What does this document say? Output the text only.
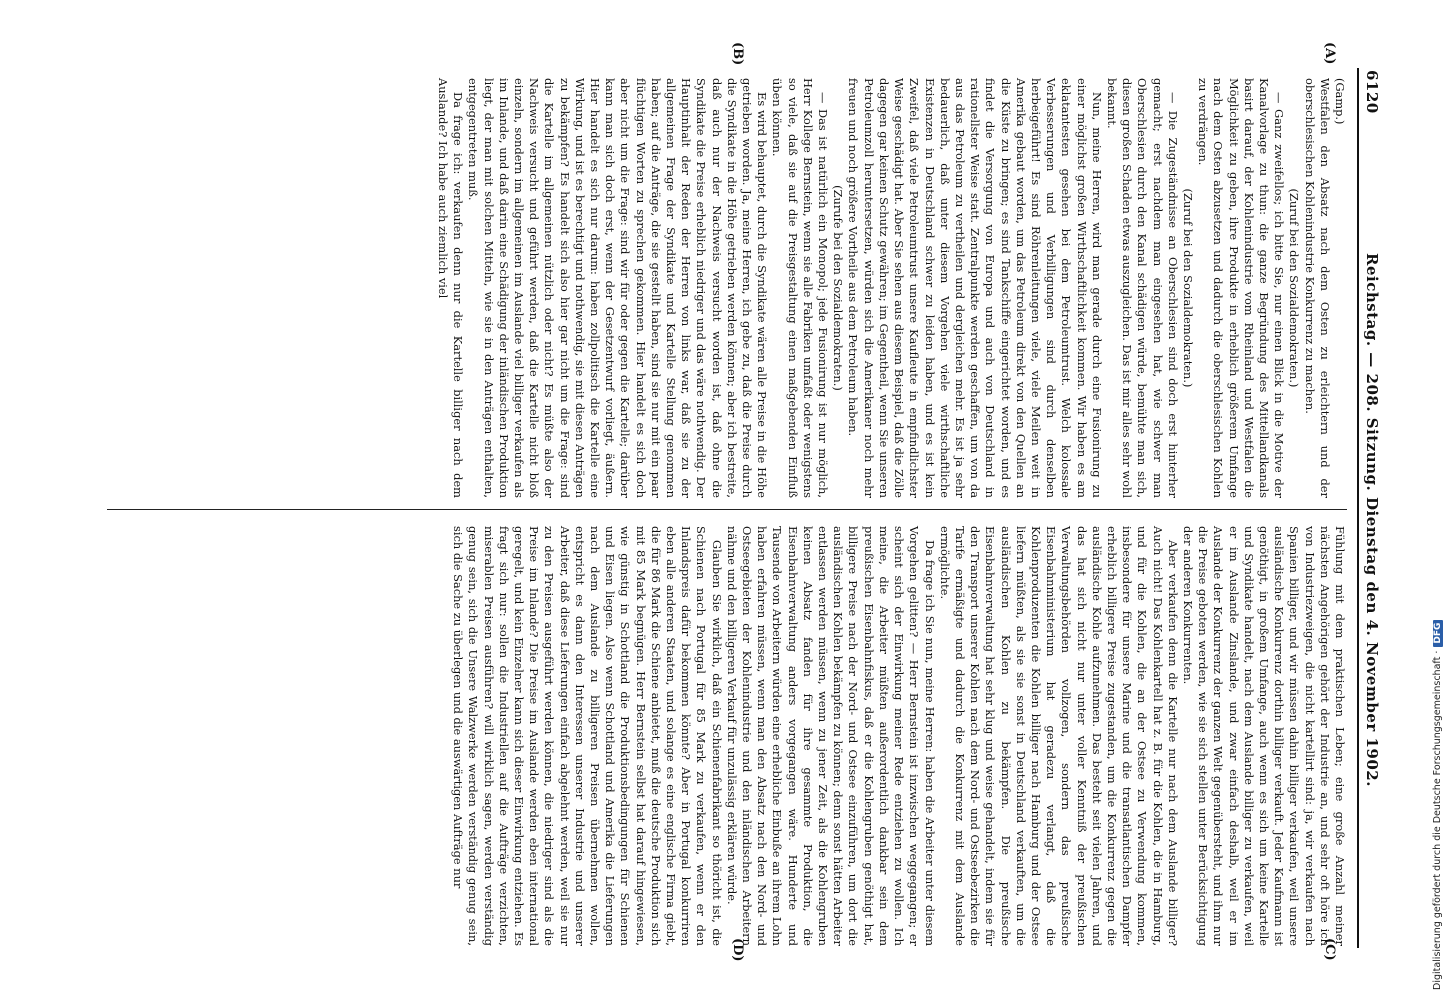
6120
Reichstag. — 208. Sitzung. Dienstag den 4. November 1902.
(A)
(B)
(C)
(D)

(Gamp.)

Westfalen den Absatz nach dem Osten zu erleichtern und der oberschlesischen Kohlenindustrie Konkurrenz zu machen.

(Zuruf bei den Sozialdemokraten.)

— Ganz zweifellos; ich bitte Sie, nur einen Blick in die Motive der Kanalvorlage zu thun: die ganze Begründung des Mittellandkanals basirt darauf, der Kohlenindustrie vom Rheinland und Westfalen die Möglichkeit zu geben, ihre Produkte in erheblich größerem Umfange nach dem Osten abzusetzen und dadurch die oberschlesischen Kohlen zu verdrängen.

(Zuruf bei den Sozialdemokraten.)

— Die Zugeständnisse an Oberschlesien sind doch erst hinterher gemacht; erst nachdem man eingesehen hat, wie schwer man Oberschlesien durch den Kanal schädigen würde, bemühte man sich, diesen großen Schaden etwas auszugleichen. Das ist mir alles sehr wohl bekannt.

Nun, meine Herren, wird man gerade durch eine Fusionirung zu einer möglichst großen Wirthschaftlichkeit kommen. Wir haben es am eklatantesten gesehen bei dem Petroleumtrust. Welch kolossale Verbesserungen und Verbilligungen sind durch denselben herbeigeführt! Es sind Röhrenleitungen viele, viele Meilen weit in Amerika gebaut worden, um das Petroleum direkt von den Quellen an die Küste zu bringen; es sind Tankschiffe eingerichtet worden, und es findet die Versorgung von Europa und auch von Deutschland in rationellster Weise statt. Zentralpunkte werden geschaffen, um von da aus das Petroleum zu vertheilen und dergleichen mehr. Es ist ja sehr bedauerlich, daß unter diesem Vorgehen viele wirthschaftliche Existenzen in Deutschland schwer zu leiden haben, und es ist kein Zweifel, daß viele Petroleumtrust unsere Kaufleute in empfindlichster Weise geschädigt hat. Aber Sie sehen aus diesem Beispiel, daß die Zölle dagegen gar keinen Schutz gewähren; im Gegentheil, wenn Sie unseren Petroleumzoll heruntersetzen, würden sich die Amerikaner noch mehr freuen und noch größere Vortheile aus dem Petroleum haben.

(Zurufe bei den Sozialdemokraten.)

— Das ist natürlich ein Monopol; jede Fusionirung ist nur möglich, Herr Kollege Bernstein, wenn sie alle Fabriken umfaßt oder wenigstens so viele, daß sie auf die Preisgestaltung einen maßgebenden Einfluß üben können.

Es wird behauptet, durch die Syndikate wären alle Preise in die Höhe getrieben worden. Ja, meine Herren, ich gebe zu, daß die Preise durch die Syndikate in die Höhe getrieben werden können; aber ich bestreite, daß auch nur der Nachweis versucht worden ist, daß ohne die Syndikate die Preise erheblich niedriger und das wäre nothwendig. Der Hauptinhalt der Reden der Herren von links war, daß sie zu der allgemeinen Frage der Syndikate und Kartelle Stellung genommen haben; auf die Anträge, die sie gestellt haben, sind sie nur mit ein paar flüchtigen Worten zu sprechen gekommen. Hier handelt es sich doch aber nicht um die Frage: sind wir für oder gegen die Kartelle; darüber kann man sich doch erst, wenn der Gesetzentwurf vorliegt, äußern. Hier handelt es sich nur darum: haben zollpolitisch die Kartelle eine Wirkung, und ist es berechtigt und nothwendig, sie mit diesen Anträgen zu bekämpfen? Es handelt sich also hier gar nicht um die Frage: sind die Kartelle im allgemeinen nützlich oder nicht? Es müßte also der Nachweis versucht und geführt werden, daß die Kartelle nicht bloß einzeln, sondern im allgemeinen im Auslande viel billiger verkaufen als im Inlande, und daß darin eine Schädigung der inländischen Produktion liegt, der man mit solchen Mitteln, wie sie in den Anträgen enthalten, entgegentreten muß.

Da frage ich: verkaufen denn nur die Kartelle billiger nach dem Auslande? Ich habe auch ziemlich viel

Fühlung mit dem praktischen Leben; eine große Anzahl meiner nächsten Angehörigen gehört der Industrie an, und sehr oft höre ich von Industriezweigen, die nicht kartellirt sind: ja, wir verkaufen nach Spanien billiger, und wir müssen dahin billiger verkaufen, weil unsere ausländische Konkurrenz dorthin billiger verkauft. Jeder Kaufmann ist genöthigt, in großem Umfange, auch wenn es sich um keine Kartelle und Syndikate handelt, nach dem Auslande billiger zu verkaufen, weil er im Auslande Zinslande, und zwar einfach deshalb, weil er im Auslande der Konkurrenz der ganzen Welt gegenübersteht, und ihm nur die Preise geboten werden, wie sie sich stellen unter Berücksichtigung der anderen Konkurrenten.

Aber verkaufen denn die Kartelle nur nach dem Auslande billiger? Auch nicht! Das Kohlenkartell hat z. B. für die Kohlen, die in Hamburg, und für die Kohlen, die an der Ostsee zu Verwendung kommen, insbesondere für unsere Marine und die transatlantischen Dampfer erheblich billigere Preise zugestanden, um die Konkurrenz gegen die ausländische Kohle aufzunehmen. Das besteht seit vielen Jahren, und das hat sich nicht nur unter voller Kenntniß der preußischen Verwaltungsbehörden vollzogen, sondern das preußische Eisenbahnministerium hat geradezu verlangt, daß die Kohlenproduzenten die Kohlen billiger nach Hamburg und der Ostsee liefern müßten, als sie sie sonst in Deutschland verkauften, um die ausländischen Kohlen zu bekämpfen. Die preußische Eisenbahnverwaltung hat sehr klug und weise gehandelt, indem sie für den Transport unserer Kohlen nach dem Nord- und Ostseebezirken die Tarife ermäßigte und dadurch die Konkurrenz mit dem Auslande ermöglichte.

Da frage ich Sie nun, meine Herren: haben die Arbeiter unter diesem Vorgehen gelitten? — Herr Bernstein ist inzwischen weggegangen; er scheint sich der Einwirkung meiner Rede entziehen zu wollen. Ich meine, die Arbeiter müßten außerordentlich dankbar sein dem preußischen Eisenbahnfiskus, daß er die Kohlengruben genöthigt hat, billigere Preise nach der Nord- und Ostsee einzuführen, um dort die ausländischen Kohlen bekämpfen zu können; denn sonst hätten Arbeiter entlassen werden müssen, wenn zu jener Zeit, als die Kohlengruben keinen Absatz fanden für ihre gesammte Produktion, die Eisenbahnverwaltung anders vorgegangen wäre. Hunderte und Tausende von Arbeitern würden eine erhebliche Einbuße an ihrem Lohn haben erfahren müssen, wenn man den Absatz nach den Nord- und Ostseegebieten der Kohlenindustrie und den inländischen Arbeitern nähme und den billigeren Verkauf für unzulässig erklären würde.

Glauben Sie wirklich, daß ein Schienenfabrikant so thöricht ist, die Schienen nach Portugal für 85 Mark zu verkaufen, wenn er den Inlandspreis dafür bekommen könnte? Aber in Portugal konkurriren eben alle anderen Staaten, und solange es eine englische Firma giebt, die für 86 Mark die Schiene anbietet, muß die deutsche Produktion sich mit 85 Mark begnügen. Herr Bernstein selbst hat darauf hingewiesen, wie günstig in Schottland die Produktionsbedingungen für Schienen und Eisen liegen. Also wenn Schottland und Amerika die Lieferungen nach dem Auslande zu billigeren Preisen übernehmen wollen, entspricht es dann den Interessen unserer Industrie und unserer Arbeiter, daß diese Lieferungen einfach abgelehnt werden, weil sie nur zu den Preisen ausgeführt werden können, die niedriger sind als die Preise im Inlande? Die Preise im Auslande werden eben international geregelt, und kein Einzelner kann sich dieser Einwirkung entziehen. Es fragt sich nur: sollen die Industriellen auf die Aufträge verzichten, miserablen Preisen ausführen? will wirklich sagen, werden verständig genug sein, sich die Unsere Walzwerke werden verständig genug sein, sich die Sache zu überlegen und die auswärtigen Aufträge nur	Digitalisierung gefördert durch die Deutsche Forschungsgemeinschaft ·DFG
